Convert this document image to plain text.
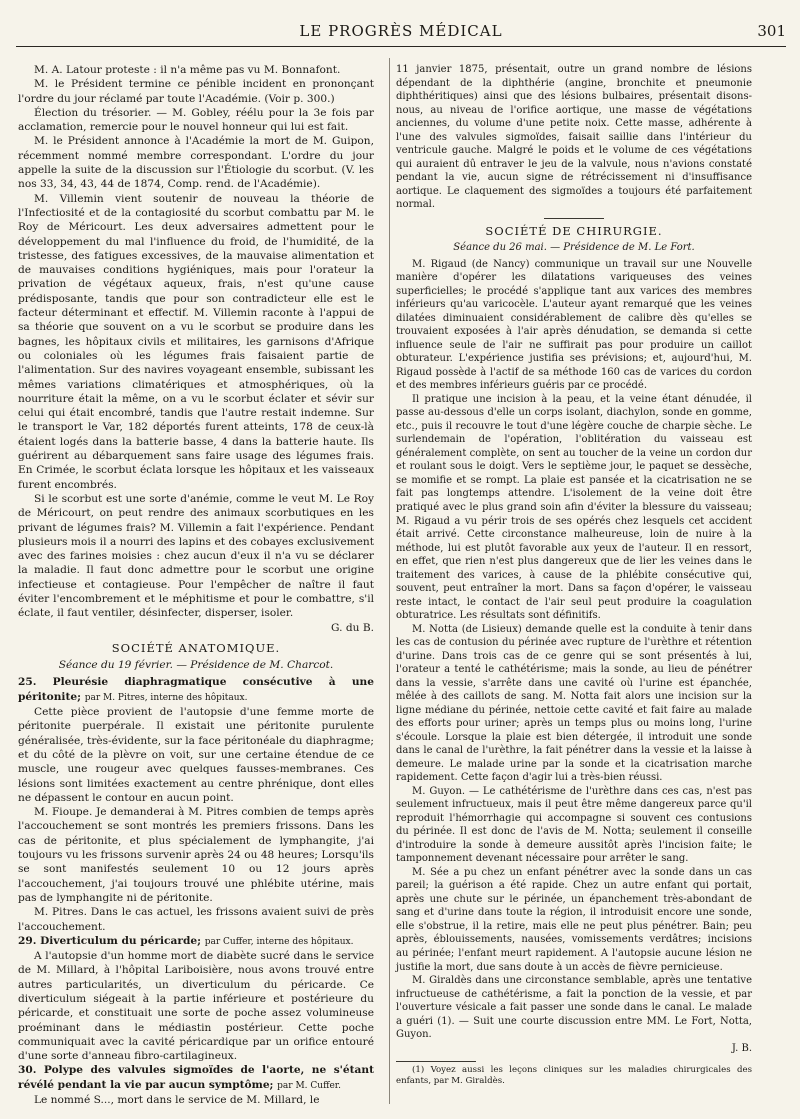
LE PROGRÈS MÉDICAL	301

M. A. Latour proteste : il n'a même pas vu M. Bonnafont.

M. le Président termine ce pénible incident en prononçant l'ordre du jour réclamé par toute l'Académie. (Voir p. 300.)

Élection du trésorier. — M. Gobley, réélu pour la 3e fois par acclamation, remercie pour le nouvel honneur qui lui est fait.

M. le Président annonce à l'Académie la mort de M. Guipon, récemment nommé membre correspondant. L'ordre du jour appelle la suite de la discussion sur l'Étiologie du scorbut. (V. les nos 33, 34, 43, 44 de 1874, Comp. rend. de l'Académie).

M. Villemin vient soutenir de nouveau la théorie de l'Infectiosité et de la contagiosité du scorbut combattu par M. le Roy de Méricourt. Les deux adversaires admettent pour le développement du mal l'influence du froid, de l'humidité, de la tristesse, des fatigues excessives, de la mauvaise alimentation et de mauvaises conditions hygiéniques, mais pour l'orateur la privation de végétaux aqueux, frais, n'est qu'une cause prédisposante, tandis que pour son contradicteur elle est le facteur déterminant et effectif. M. Villemin raconte à l'appui de sa théorie que souvent on a vu le scorbut se produire dans les bagnes, les hôpitaux civils et militaires, les garnisons d'Afrique ou coloniales où les légumes frais faisaient partie de l'alimentation. Sur des navires voyageant ensemble, subissant les mêmes variations climatériques et atmosphériques, où la nourriture était la même, on a vu le scorbut éclater et sévir sur celui qui était encombré, tandis que l'autre restait indemne. Sur le transport le Var, 182 déportés furent atteints, 178 de ceux-là étaient logés dans la batterie basse, 4 dans la batterie haute. Ils guérirent au débarquement sans faire usage des légumes frais. En Crimée, le scorbut éclata lorsque les hôpitaux et les vaisseaux furent encombrés.

Si le scorbut est une sorte d'anémie, comme le veut M. Le Roy de Méricourt, on peut rendre des animaux scorbutiques en les privant de légumes frais? M. Villemin a fait l'expérience. Pendant plusieurs mois il a nourri des lapins et des cobayes exclusivement avec des farines moisies : chez aucun d'eux il n'a vu se déclarer la maladie. Il faut donc admettre pour le scorbut une origine infectieuse et contagieuse. Pour l'empêcher de naître il faut éviter l'encombrement et le méphitisme et pour le combattre, s'il éclate, il faut ventiler, désinfecter, disperser, isoler.

G. du B.

SOCIÉTÉ ANATOMIQUE.

Séance du 19 février. — Présidence de M. Charcot.

25. Pleurésie diaphragmatique consécutive à une péritonite; par M. Pitres, interne des hôpitaux.

Cette pièce provient de l'autopsie d'une femme morte de péritonite puerpérale. Il existait une péritonite purulente généralisée, très-évidente, sur la face péritonéale du diaphragme; et du côté de la plèvre on voit, sur une certaine étendue de ce muscle, une rougeur avec quelques fausses-membranes. Ces lésions sont limitées exactement au centre phrénique, dont elles ne dépassent le contour en aucun point.

M. Fioupe. Je demanderai à M. Pitres combien de temps après l'accouchement se sont montrés les premiers frissons. Dans les cas de péritonite, et plus spécialement de lymphangite, j'ai toujours vu les frissons survenir après 24 ou 48 heures; Lorsqu'ils se sont manifestés seulement 10 ou 12 jours après l'accouchement, j'ai toujours trouvé une phlébite utérine, mais pas de lymphangite ni de péritonite.

M. Pitres. Dans le cas actuel, les frissons avaient suivi de près l'accouchement.

29. Diverticulum du péricarde; par Cuffer, interne des hôpitaux.

A l'autopsie d'un homme mort de diabète sucré dans le service de M. Millard, à l'hôpital Lariboisière, nous avons trouvé entre autres particularités, un diverticulum du péricarde. Ce diverticulum siégeait à la partie inférieure et postérieure du péricarde, et constituait une sorte de poche assez volumineuse proéminant dans le médiastin postérieur. Cette poche communiquait avec la cavité péricardique par un orifice entouré d'une sorte d'anneau fibro-cartilagineux.

30. Polype des valvules sigmoïdes de l'aorte, ne s'étant révélé pendant la vie par aucun symptôme; par M. Cuffer.

Le nommé S..., mort dans le service de M. Millard, le

11 janvier 1875, présentait, outre un grand nombre de lésions dépendant de la diphthérie (angine, bronchite et pneumonie diphthéritiques) ainsi que des lésions bulbaires, présentait disons-nous, au niveau de l'orifice aortique, une masse de végétations anciennes, du volume d'une petite noix. Cette masse, adhérente à l'une des valvules sigmoïdes, faisait saillie dans l'intérieur du ventricule gauche. Malgré le poids et le volume de ces végétations qui auraient dû entraver le jeu de la valvule, nous n'avions constaté pendant la vie, aucun signe de rétrécissement ni d'insuffisance aortique. Le claquement des sigmoïdes a toujours été parfaitement normal.

SOCIÉTÉ DE CHIRURGIE.

Séance du 26 mai. — Présidence de M. Le Fort.

M. Rigaud (de Nancy) communique un travail sur une Nouvelle manière d'opérer les dilatations variqueuses des veines superficielles; le procédé s'applique tant aux varices des membres inférieurs qu'au varicocèle. L'auteur ayant remarqué que les veines dilatées diminuaient considérablement de calibre dès qu'elles se trouvaient exposées à l'air après dénudation, se demanda si cette influence seule de l'air ne suffirait pas pour produire un caillot obturateur. L'expérience justifia ses prévisions; et, aujourd'hui, M. Rigaud possède à l'actif de sa méthode 160 cas de varices du cordon et des membres inférieurs guéris par ce procédé.

Il pratique une incision à la peau, et la veine étant dénudée, il passe au-dessous d'elle un corps isolant, diachylon, sonde en gomme, etc., puis il recouvre le tout d'une légère couche de charpie sèche. Le surlendemain de l'opération, l'oblitération du vaisseau est généralement complète, on sent au toucher de la veine un cordon dur et roulant sous le doigt. Vers le septième jour, le paquet se dessèche, se momifie et se rompt. La plaie est pansée et la cicatrisation ne se fait pas longtemps attendre. L'isolement de la veine doit être pratiqué avec le plus grand soin afin d'éviter la blessure du vaisseau; M. Rigaud a vu périr trois de ses opérés chez lesquels cet accident était arrivé. Cette circonstance malheureuse, loin de nuire à la méthode, lui est plutôt favorable aux yeux de l'auteur. Il en ressort, en effet, que rien n'est plus dangereux que de lier les veines dans le traitement des varices, à cause de la phlébite consécutive qui, souvent, peut entraîner la mort. Dans sa façon d'opérer, le vaisseau reste intact, le contact de l'air seul peut produire la coagulation obturatrice. Les résultats sont définitifs.

M. Notta (de Lisieux) demande quelle est la conduite à tenir dans les cas de contusion du périnée avec rupture de l'urèthre et rétention d'urine. Dans trois cas de ce genre qui se sont présentés à lui, l'orateur a tenté le cathétérisme; mais la sonde, au lieu de pénétrer dans la vessie, s'arrête dans une cavité où l'urine est épanchée, mêlée à des caillots de sang. M. Notta fait alors une incision sur la ligne médiane du périnée, nettoie cette cavité et fait faire au malade des efforts pour uriner; après un temps plus ou moins long, l'urine s'écoule. Lorsque la plaie est bien détergée, il introduit une sonde dans le canal de l'urèthre, la fait pénétrer dans la vessie et la laisse à demeure. Le malade urine par la sonde et la cicatrisation marche rapidement. Cette façon d'agir lui a très-bien réussi.

M. Guyon. — Le cathétérisme de l'urèthre dans ces cas, n'est pas seulement infructueux, mais il peut être même dangereux parce qu'il reproduit l'hémorrhagie qui accompagne si souvent ces contusions du périnée. Il est donc de l'avis de M. Notta; seulement il conseille d'introduire la sonde à demeure aussitôt après l'incision faite; le tamponnement devenant nécessaire pour arrêter le sang.

M. Sée a pu chez un enfant pénétrer avec la sonde dans un cas pareil; la guérison a été rapide. Chez un autre enfant qui portait, après une chute sur le périnée, un épanchement très-abondant de sang et d'urine dans toute la région, il introduisit encore une sonde, elle s'obstrue, il la retire, mais elle ne peut plus pénétrer. Bain; peu après, éblouissements, nausées, vomissements verdâtres; incisions au périnée; l'enfant meurt rapidement. A l'autopsie aucune lésion ne justifie la mort, due sans doute à un accès de fièvre pernicieuse.

M. Giraldès dans une circonstance semblable, après une tentative infructueuse de cathétérisme, a fait la ponction de la vessie, et par l'ouverture vésicale a fait passer une sonde dans le canal. Le malade a guéri (1). — Suit une courte discussion entre MM. Le Fort, Notta, Guyon.

J. B.

(1) Voyez aussi les leçons cliniques sur les maladies chirurgicales des enfants, par M. Giraldès.
